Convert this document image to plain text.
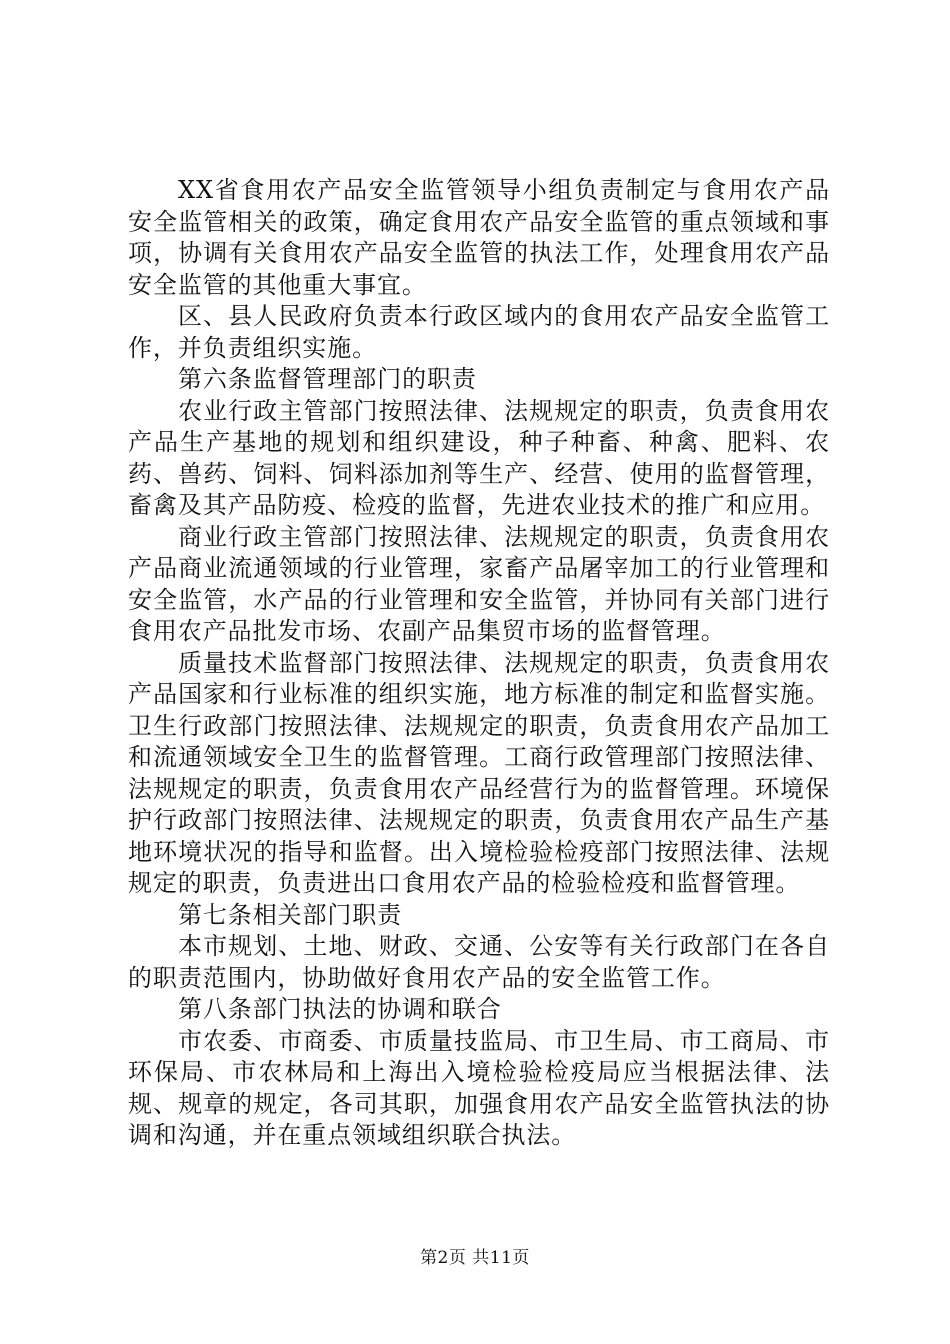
XX省食用农产品安全监管领导小组负责制定与食用农产品安全监管相关的政策，确定食用农产品安全监管的重点领域和事项，协调有关食用农产品安全监管的执法工作，处理食用农产品安全监管的其他重大事宜。

区、县人民政府负责本行政区域内的食用农产品安全监管工作，并负责组织实施。

第六条监督管理部门的职责

农业行政主管部门按照法律、法规规定的职责，负责食用农产品生产基地的规划和组织建设，种子种畜、种禽、肥料、农药、兽药、饲料、饲料添加剂等生产、经营、使用的监督管理，畜禽及其产品防疫、检疫的监督，先进农业技术的推广和应用。

商业行政主管部门按照法律、法规规定的职责，负责食用农产品商业流通领域的行业管理，家畜产品屠宰加工的行业管理和安全监管，水产品的行业管理和安全监管，并协同有关部门进行食用农产品批发市场、农副产品集贸市场的监督管理。

质量技术监督部门按照法律、法规规定的职责，负责食用农产品国家和行业标准的组织实施，地方标准的制定和监督实施。卫生行政部门按照法律、法规规定的职责，负责食用农产品加工和流通领域安全卫生的监督管理。工商行政管理部门按照法律、法规规定的职责，负责食用农产品经营行为的监督管理。环境保护行政部门按照法律、法规规定的职责，负责食用农产品生产基地环境状况的指导和监督。出入境检验检疫部门按照法律、法规规定的职责，负责进出口食用农产品的检验检疫和监督管理。

第七条相关部门职责

本市规划、土地、财政、交通、公安等有关行政部门在各自的职责范围内，协助做好食用农产品的安全监管工作。

第八条部门执法的协调和联合

市农委、市商委、市质量技监局、市卫生局、市工商局、市环保局、市农林局和上海出入境检验检疫局应当根据法律、法规、规章的规定，各司其职，加强食用农产品安全监管执法的协调和沟通，并在重点领域组织联合执法。

第2页 共11页
